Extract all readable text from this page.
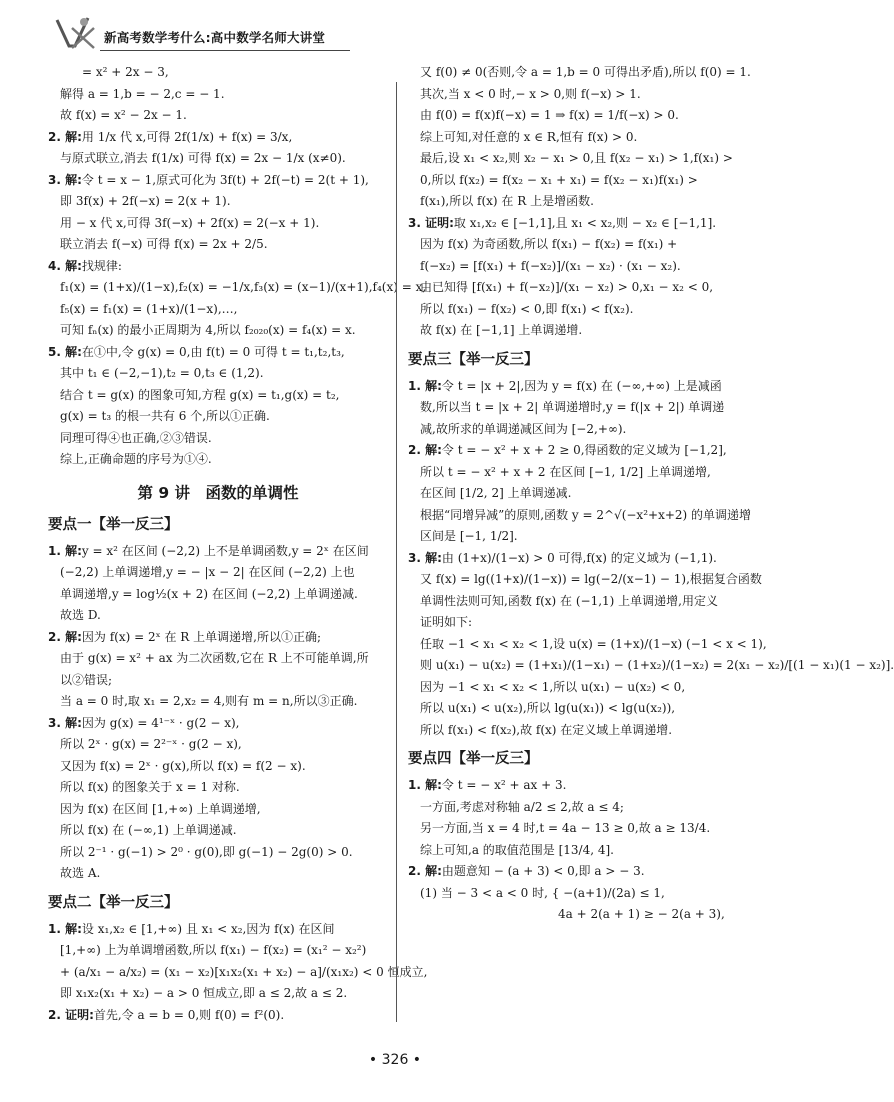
新高考数学考什么:高中数学名师大讲堂
= x² + 2x − 3,
解得 a = 1,b = − 2,c = − 1.
故 f(x) = x² − 2x − 1.
2. 解:用 1/x 代 x,可得 2f(1/x) + f(x) = 3/x,
与原式联立,消去 f(1/x) 可得 f(x) = 2x − 1/x (x≠0).
3. 解:令 t = x − 1,原式可化为 3f(t) + 2f(−t) = 2(t + 1),
即 3f(x) + 2f(−x) = 2(x + 1).
用 − x 代 x,可得 3f(−x) + 2f(x) = 2(−x + 1).
联立消去 f(−x) 可得 f(x) = 2x + 2/5.
4. 解:找规律:
f₁(x) = (1+x)/(1−x),f₂(x) = −1/x,f₃(x) = (x−1)/(x+1),f₄(x) = x,
f₅(x) = f₁(x) = (1+x)/(1−x),…,
可知 fₙ(x) 的最小正周期为 4,所以 f₂₀₂₀(x) = f₄(x) = x.
5. 解:在①中,令 g(x) = 0,由 f(t) = 0 可得 t = t₁,t₂,t₃,
其中 t₁ ∈ (−2,−1),t₂ = 0,t₃ ∈ (1,2).
结合 t = g(x) 的图象可知,方程 g(x) = t₁,g(x) = t₂,
g(x) = t₃ 的根一共有 6 个,所以①正确.
同理可得④也正确,②③错误.
综上,正确命题的序号为①④.
第 9 讲　函数的单调性
要点一【举一反三】
1. 解:y = x² 在区间 (−2,2) 上不是单调函数,y = 2ˣ 在区间
(−2,2) 上单调递增,y = − |x − 2| 在区间 (−2,2) 上也
单调递增,y = log½(x + 2) 在区间 (−2,2) 上单调递减.
故选 D.
2. 解:因为 f(x) = 2ˣ 在 R 上单调递增,所以①正确;
由于 g(x) = x² + ax 为二次函数,它在 R 上不可能单调,所
以②错误;
当 a = 0 时,取 x₁ = 2,x₂ = 4,则有 m = n,所以③正确.
3. 解:因为 g(x) = 4¹⁻ˣ · g(2 − x),
所以 2ˣ · g(x) = 2²⁻ˣ · g(2 − x),
又因为 f(x) = 2ˣ · g(x),所以 f(x) = f(2 − x).
所以 f(x) 的图象关于 x = 1 对称.
因为 f(x) 在区间 [1,+∞) 上单调递增,
所以 f(x) 在 (−∞,1) 上单调递减.
所以 2⁻¹ · g(−1) > 2⁰ · g(0),即 g(−1) − 2g(0) > 0.
故选 A.
要点二【举一反三】
1. 解:设 x₁,x₂ ∈ [1,+∞) 且 x₁ < x₂,因为 f(x) 在区间
[1,+∞) 上为单调增函数,所以 f(x₁) − f(x₂) = (x₁² − x₂²)
+ (a/x₁ − a/x₂) = (x₁ − x₂)[x₁x₂(x₁ + x₂) − a]/(x₁x₂) < 0 恒成立,
即 x₁x₂(x₁ + x₂) − a > 0 恒成立,即 a ≤ 2,故 a ≤ 2.
2. 证明:首先,令 a = b = 0,则 f(0) = f²(0).
又 f(0) ≠ 0(否则,令 a = 1,b = 0 可得出矛盾),所以 f(0) = 1.
其次,当 x < 0 时,− x > 0,则 f(−x) > 1.
由 f(0) = f(x)f(−x) = 1 ⇒ f(x) = 1/f(−x) > 0.
综上可知,对任意的 x ∈ R,恒有 f(x) > 0.
最后,设 x₁ < x₂,则 x₂ − x₁ > 0,且 f(x₂ − x₁) > 1,f(x₁) >
0,所以 f(x₂) = f(x₂ − x₁ + x₁) = f(x₂ − x₁)f(x₁) >
f(x₁),所以 f(x) 在 R 上是增函数.
3. 证明:取 x₁,x₂ ∈ [−1,1],且 x₁ < x₂,则 − x₂ ∈ [−1,1].
因为 f(x) 为奇函数,所以 f(x₁) − f(x₂) = f(x₁) +
f(−x₂) = [f(x₁) + f(−x₂)]/(x₁ − x₂) · (x₁ − x₂).
由已知得 [f(x₁) + f(−x₂)]/(x₁ − x₂) > 0,x₁ − x₂ < 0,
所以 f(x₁) − f(x₂) < 0,即 f(x₁) < f(x₂).
故 f(x) 在 [−1,1] 上单调递增.
要点三【举一反三】
1. 解:令 t = |x + 2|,因为 y = f(x) 在 (−∞,+∞) 上是减函
数,所以当 t = |x + 2| 单调递增时,y = f(|x + 2|) 单调递
减,故所求的单调递减区间为 [−2,+∞).
2. 解:令 t = − x² + x + 2 ≥ 0,得函数的定义域为 [−1,2],
所以 t = − x² + x + 2 在区间 [−1, 1/2] 上单调递增,
在区间 [1/2, 2] 上单调递减.
根据“同增异减”的原则,函数 y = 2^√(−x²+x+2) 的单调递增
区间是 [−1, 1/2].
3. 解:由 (1+x)/(1−x) > 0 可得,f(x) 的定义域为 (−1,1).
又 f(x) = lg((1+x)/(1−x)) = lg(−2/(x−1) − 1),根据复合函数
单调性法则可知,函数 f(x) 在 (−1,1) 上单调递增,用定义
证明如下:
任取 −1 < x₁ < x₂ < 1,设 u(x) = (1+x)/(1−x) (−1 < x < 1),
则 u(x₁) − u(x₂) = (1+x₁)/(1−x₁) − (1+x₂)/(1−x₂) = 2(x₁ − x₂)/[(1 − x₁)(1 − x₂)].
因为 −1 < x₁ < x₂ < 1,所以 u(x₁) − u(x₂) < 0,
所以 u(x₁) < u(x₂),所以 lg(u(x₁)) < lg(u(x₂)),
所以 f(x₁) < f(x₂),故 f(x) 在定义域上单调递增.
要点四【举一反三】
1. 解:令 t = − x² + ax + 3.
一方面,考虑对称轴 a/2 ≤ 2,故 a ≤ 4;
另一方面,当 x = 4 时,t = 4a − 13 ≥ 0,故 a ≥ 13/4.
综上可知,a 的取值范围是 [13/4, 4].
2. 解:由题意知 − (a + 3) < 0,即 a > − 3.
(1) 当 − 3 < a < 0 时, { −(a+1)/(2a) ≤ 1,
4a + 2(a + 1) ≥ − 2(a + 3),
• 326 •
